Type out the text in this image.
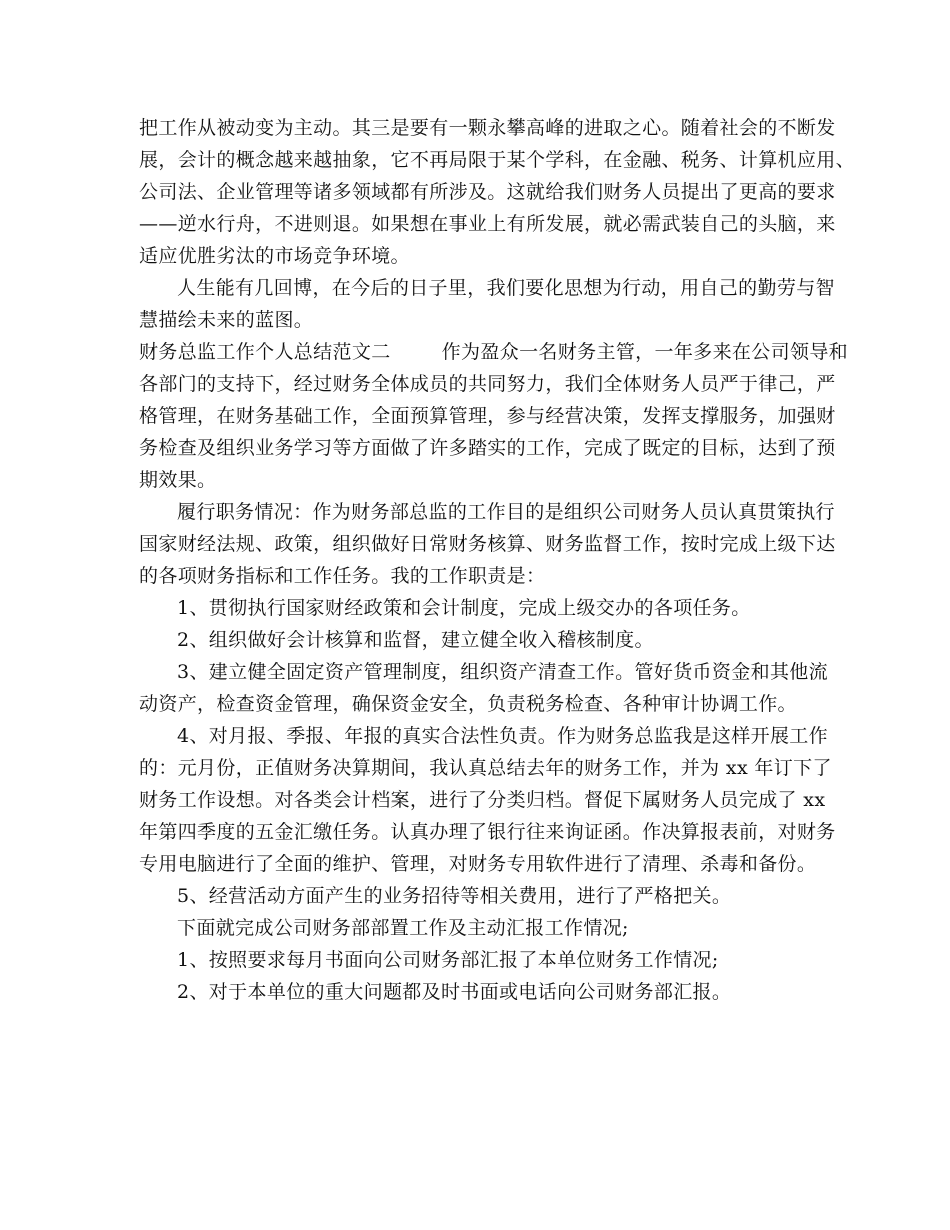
把工作从被动变为主动。其三是要有一颗永攀高峰的进取之心。随着社会的不断发
展，会计的概念越来越抽象，它不再局限于某个学科，在金融、税务、计算机应用、
公司法、企业管理等诸多领域都有所涉及。这就给我们财务人员提出了更高的要求
——逆水行舟，不进则退。如果想在事业上有所发展，就必需武装自己的头脑，来
适应优胜劣汰的市场竞争环境。

人生能有几回博，在今后的日子里，我们要化思想为行动，用自己的勤劳与智
慧描绘未来的蓝图。

财务总监工作个人总结范文二        作为盈众一名财务主管，一年多来在公司领导和
各部门的支持下，经过财务全体成员的共同努力，我们全体财务人员严于律己，严
格管理，在财务基础工作，全面预算管理，参与经营决策，发挥支撑服务，加强财
务检查及组织业务学习等方面做了许多踏实的工作，完成了既定的目标，达到了预
期效果。

履行职务情况：作为财务部总监的工作目的是组织公司财务人员认真贯策执行
国家财经法规、政策，组织做好日常财务核算、财务监督工作，按时完成上级下达
的各项财务指标和工作任务。我的工作职责是：

1、贯彻执行国家财经政策和会计制度，完成上级交办的各项任务。

2、组织做好会计核算和监督，建立健全收入稽核制度。

3、建立健全固定资产管理制度，组织资产清查工作。管好货币资金和其他流
动资产，检查资金管理，确保资金安全，负责税务检查、各种审计协调工作。

4、对月报、季报、年报的真实合法性负责。作为财务总监我是这样开展工作
的：元月份，正值财务决算期间，我认真总结去年的财务工作，并为 xx 年订下了
财务工作设想。对各类会计档案，进行了分类归档。督促下属财务人员完成了 xx
年第四季度的五金汇缴任务。认真办理了银行往来询证函。作决算报表前，对财务
专用电脑进行了全面的维护、管理，对财务专用软件进行了清理、杀毒和备份。

5、经营活动方面产生的业务招待等相关费用，进行了严格把关。

下面就完成公司财务部部置工作及主动汇报工作情况;

1、按照要求每月书面向公司财务部汇报了本单位财务工作情况;

2、对于本单位的重大问题都及时书面或电话向公司财务部汇报。
